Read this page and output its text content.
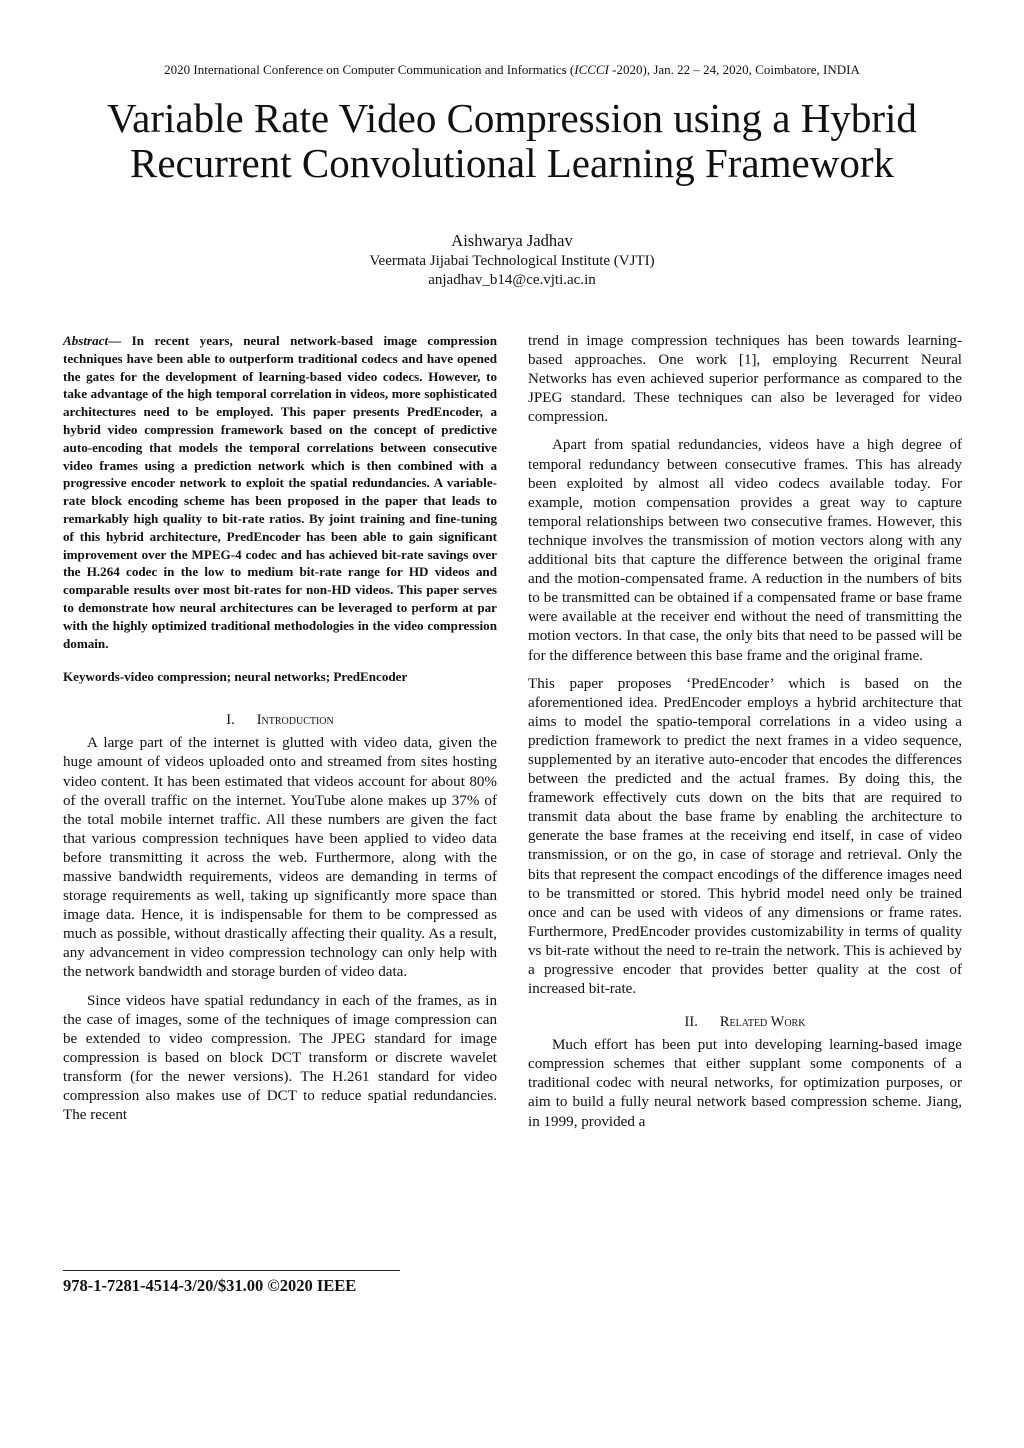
2020 International Conference on Computer Communication and Informatics (ICCCI -2020), Jan. 22 – 24, 2020, Coimbatore, INDIA
Variable Rate Video Compression using a Hybrid
Recurrent Convolutional Learning Framework
Aishwarya Jadhav
Veermata Jijabai Technological Institute (VJTI)
anjadhav_b14@ce.vjti.ac.in

Abstract— In recent years, neural network-based image compression techniques have been able to outperform traditional codecs and have opened the gates for the development of learning-based video codecs. However, to take advantage of the high temporal correlation in videos, more sophisticated architectures need to be employed. This paper presents PredEncoder, a hybrid video compression framework based on the concept of predictive auto-encoding that models the temporal correlations between consecutive video frames using a prediction network which is then combined with a progressive encoder network to exploit the spatial redundancies. A variable-rate block encoding scheme has been proposed in the paper that leads to remarkably high quality to bit-rate ratios. By joint training and fine-tuning of this hybrid architecture, PredEncoder has been able to gain significant improvement over the MPEG-4 codec and has achieved bit-rate savings over the H.264 codec in the low to medium bit-rate range for HD videos and comparable results over most bit-rates for non-HD videos. This paper serves to demonstrate how neural architectures can be leveraged to perform at par with the highly optimized traditional methodologies in the video compression domain.

Keywords-video compression; neural networks; PredEncoder

I. Introduction

A large part of the internet is glutted with video data, given the huge amount of videos uploaded onto and streamed from sites hosting video content. It has been estimated that videos account for about 80% of the overall traffic on the internet. YouTube alone makes up 37% of the total mobile internet traffic. All these numbers are given the fact that various compression techniques have been applied to video data before transmitting it across the web. Furthermore, along with the massive bandwidth requirements, videos are demanding in terms of storage requirements as well, taking up significantly more space than image data. Hence, it is indispensable for them to be compressed as much as possible, without drastically affecting their quality. As a result, any advancement in video compression technology can only help with the network bandwidth and storage burden of video data.

Since videos have spatial redundancy in each of the frames, as in the case of images, some of the techniques of image compression can be extended to video compression. The JPEG standard for image compression is based on block DCT transform or discrete wavelet transform (for the newer versions). The H.261 standard for video compression also makes use of DCT to reduce spatial redundancies. The recent

trend in image compression techniques has been towards learning-based approaches. One work [1], employing Recurrent Neural Networks has even achieved superior performance as compared to the JPEG standard. These techniques can also be leveraged for video compression.

Apart from spatial redundancies, videos have a high degree of temporal redundancy between consecutive frames. This has already been exploited by almost all video codecs available today. For example, motion compensation provides a great way to capture temporal relationships between two consecutive frames. However, this technique involves the transmission of motion vectors along with any additional bits that capture the difference between the original frame and the motion-compensated frame. A reduction in the numbers of bits to be transmitted can be obtained if a compensated frame or base frame were available at the receiver end without the need of transmitting the motion vectors. In that case, the only bits that need to be passed will be for the difference between this base frame and the original frame.

This paper proposes ‘PredEncoder’ which is based on the aforementioned idea. PredEncoder employs a hybrid architecture that aims to model the spatio-temporal correlations in a video using a prediction framework to predict the next frames in a video sequence, supplemented by an iterative auto-encoder that encodes the differences between the predicted and the actual frames. By doing this, the framework effectively cuts down on the bits that are required to transmit data about the base frame by enabling the architecture to generate the base frames at the receiving end itself, in case of video transmission, or on the go, in case of storage and retrieval. Only the bits that represent the compact encodings of the difference images need to be transmitted or stored. This hybrid model need only be trained once and can be used with videos of any dimensions or frame rates. Furthermore, PredEncoder provides customizability in terms of quality vs bit-rate without the need to re-train the network. This is achieved by a progressive encoder that provides better quality at the cost of increased bit-rate.

II. Related Work

Much effort has been put into developing learning-based image compression schemes that either supplant some components of a traditional codec with neural networks, for optimization purposes, or aim to build a fully neural network based compression scheme. Jiang, in 1999, provided a

978-1-7281-4514-3/20/$31.00 ©2020 IEEE
